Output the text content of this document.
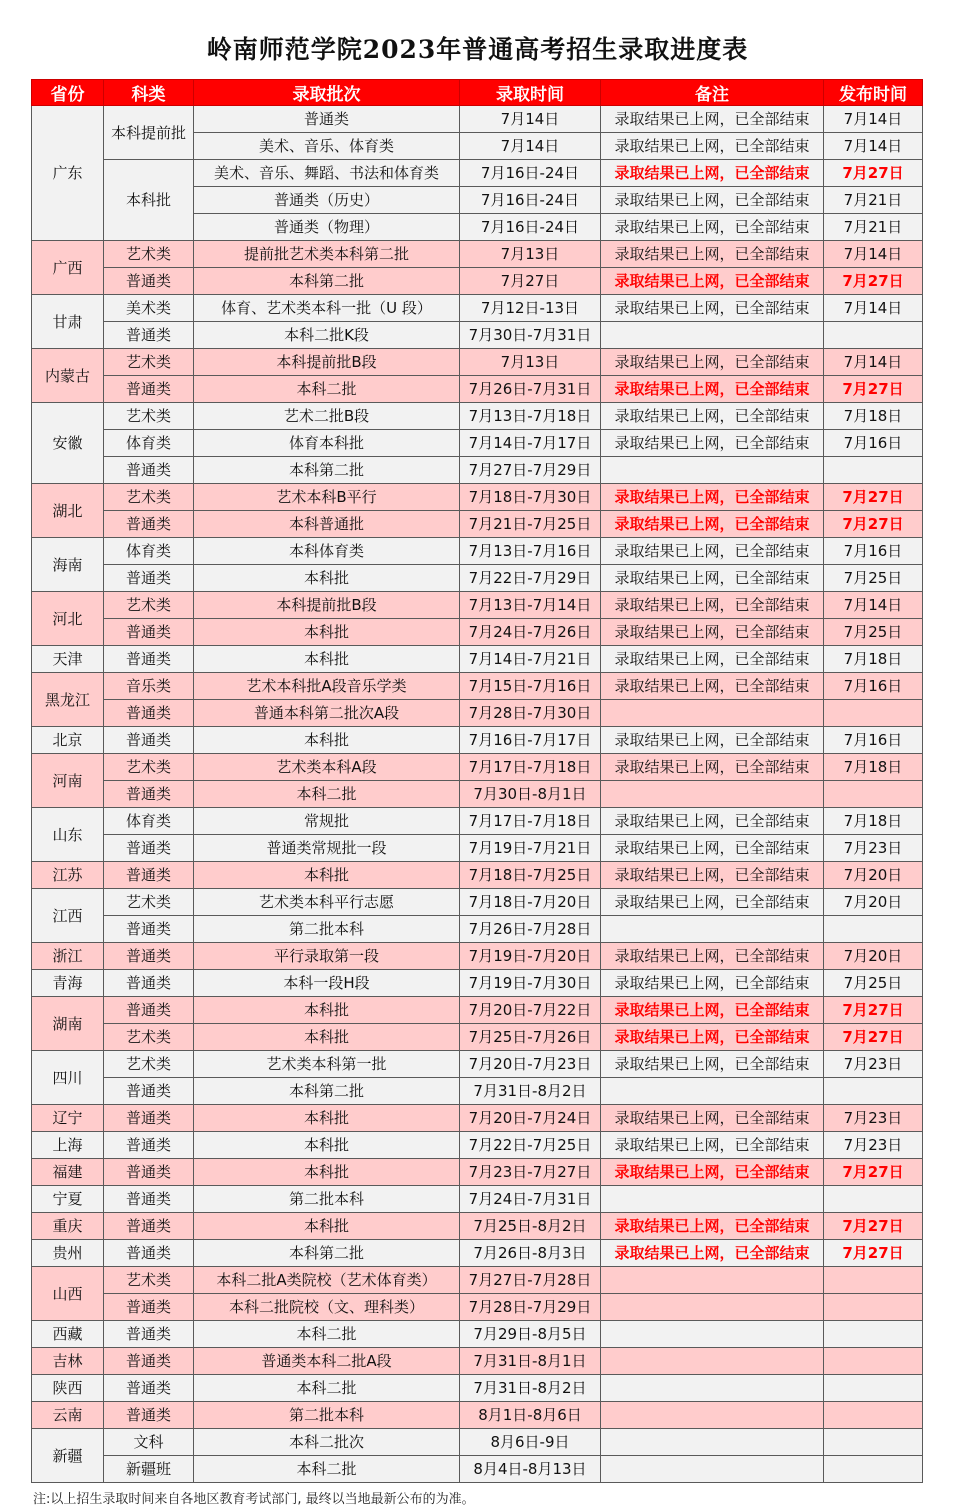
岭南师范学院2023年普通高考招生录取进度表
省份	科类	录取批次	录取时间	备注	发布时间
广东	本科提前批	普通类	7月14日	录取结果已上网，已全部结束	7月14日
		美术、音乐、体育类	7月14日	录取结果已上网，已全部结束	7月14日
	本科批	美术、音乐、舞蹈、书法和体育类	7月16日-24日	录取结果已上网，已全部结束	7月27日
		普通类（历史）	7月16日-24日	录取结果已上网，已全部结束	7月21日
		普通类（物理）	7月16日-24日	录取结果已上网，已全部结束	7月21日
广西	艺术类	提前批艺术类本科第二批	7月13日	录取结果已上网，已全部结束	7月14日
	普通类	本科第二批	7月27日	录取结果已上网，已全部结束	7月27日
甘肃	美术类	体育、艺术类本科一批（U 段）	7月12日-13日	录取结果已上网，已全部结束	7月14日
	普通类	本科二批K段	7月30日-7月31日		
内蒙古	艺术类	本科提前批B段	7月13日	录取结果已上网，已全部结束	7月14日
	普通类	本科二批	7月26日-7月31日	录取结果已上网，已全部结束	7月27日
安徽	艺术类	艺术二批B段	7月13日-7月18日	录取结果已上网，已全部结束	7月18日
	体育类	体育本科批	7月14日-7月17日	录取结果已上网，已全部结束	7月16日
	普通类	本科第二批	7月27日-7月29日		
湖北	艺术类	艺术本科B平行	7月18日-7月30日	录取结果已上网，已全部结束	7月27日
	普通类	本科普通批	7月21日-7月25日	录取结果已上网，已全部结束	7月27日
海南	体育类	本科体育类	7月13日-7月16日	录取结果已上网，已全部结束	7月16日
	普通类	本科批	7月22日-7月29日	录取结果已上网，已全部结束	7月25日
河北	艺术类	本科提前批B段	7月13日-7月14日	录取结果已上网，已全部结束	7月14日
	普通类	本科批	7月24日-7月26日	录取结果已上网，已全部结束	7月25日
天津	普通类	本科批	7月14日-7月21日	录取结果已上网，已全部结束	7月18日
黑龙江	音乐类	艺术本科批A段音乐学类	7月15日-7月16日	录取结果已上网，已全部结束	7月16日
	普通类	普通本科第二批次A段	7月28日-7月30日		
北京	普通类	本科批	7月16日-7月17日	录取结果已上网，已全部结束	7月16日
河南	艺术类	艺术类本科A段	7月17日-7月18日	录取结果已上网，已全部结束	7月18日
	普通类	本科二批	7月30日-8月1日		
山东	体育类	常规批	7月17日-7月18日	录取结果已上网，已全部结束	7月18日
	普通类	普通类常规批一段	7月19日-7月21日	录取结果已上网，已全部结束	7月23日
江苏	普通类	本科批	7月18日-7月25日	录取结果已上网，已全部结束	7月20日
江西	艺术类	艺术类本科平行志愿	7月18日-7月20日	录取结果已上网，已全部结束	7月20日
	普通类	第二批本科	7月26日-7月28日		
浙江	普通类	平行录取第一段	7月19日-7月20日	录取结果已上网，已全部结束	7月20日
青海	普通类	本科一段H段	7月19日-7月30日	录取结果已上网，已全部结束	7月25日
湖南	普通类	本科批	7月20日-7月22日	录取结果已上网，已全部结束	7月27日
	艺术类	本科批	7月25日-7月26日	录取结果已上网，已全部结束	7月27日
四川	艺术类	艺术类本科第一批	7月20日-7月23日	录取结果已上网，已全部结束	7月23日
	普通类	本科第二批	7月31日-8月2日		
辽宁	普通类	本科批	7月20日-7月24日	录取结果已上网，已全部结束	7月23日
上海	普通类	本科批	7月22日-7月25日	录取结果已上网，已全部结束	7月23日
福建	普通类	本科批	7月23日-7月27日	录取结果已上网，已全部结束	7月27日
宁夏	普通类	第二批本科	7月24日-7月31日		
重庆	普通类	本科批	7月25日-8月2日	录取结果已上网，已全部结束	7月27日
贵州	普通类	本科第二批	7月26日-8月3日	录取结果已上网，已全部结束	7月27日
山西	艺术类	本科二批A类院校（艺术体育类）	7月27日-7月28日		
	普通类	本科二批院校（文、理科类）	7月28日-7月29日		
西藏	普通类	本科二批	7月29日-8月5日		
吉林	普通类	普通类本科二批A段	7月31日-8月1日		
陕西	普通类	本科二批	7月31日-8月2日		
云南	普通类	第二批本科	8月1日-8月6日		
新疆	文科	本科二批次	8月6日-9日		
	新疆班	本科二批	8月4日-8月13日		
注:以上招生录取时间来自各地区教育考试部门, 最终以当地最新公布的为准。
